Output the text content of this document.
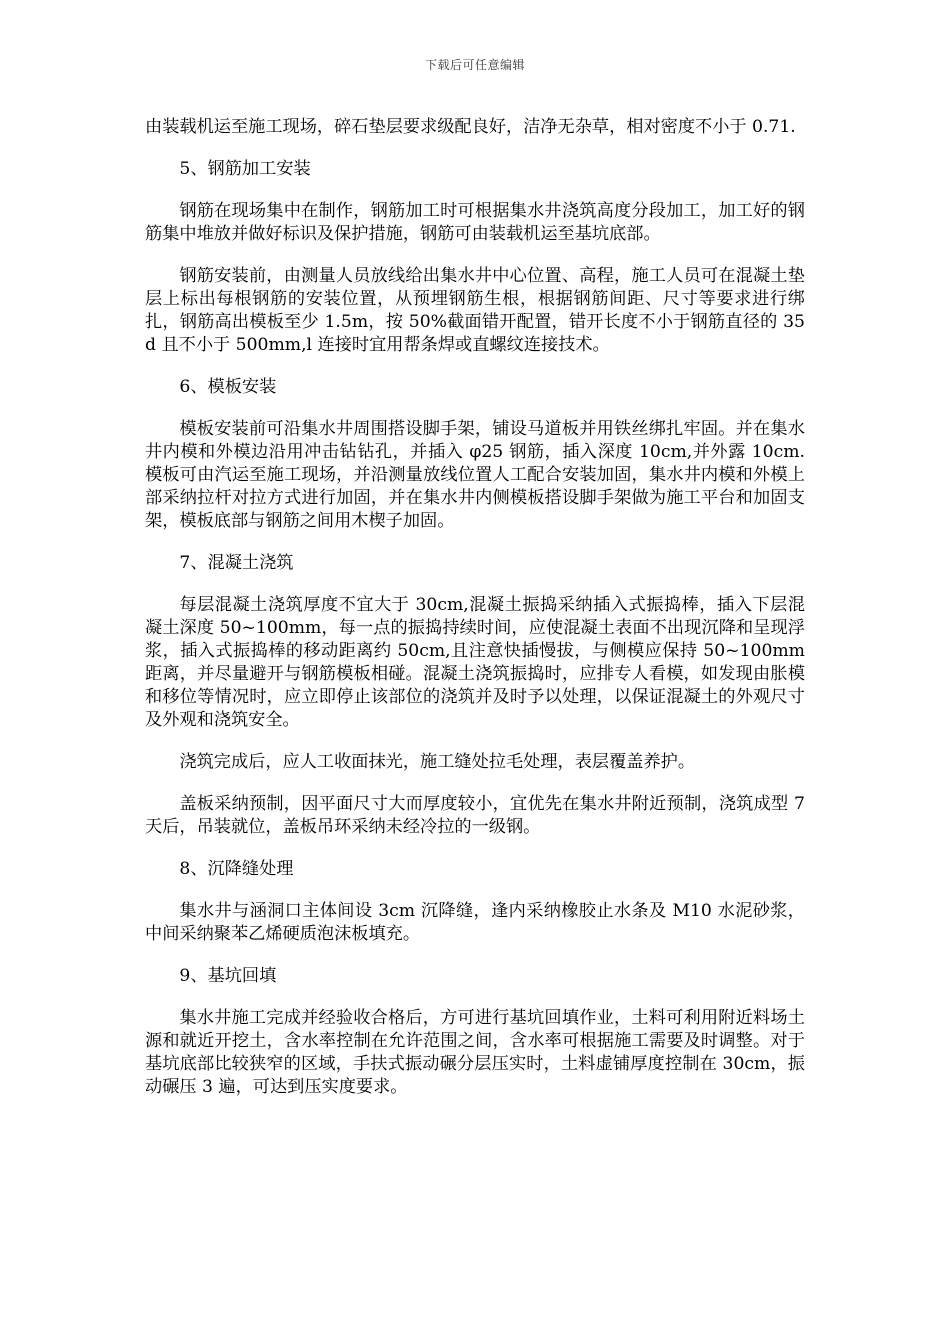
下载后可任意编辑

由装载机运至施工现场，碎石垫层要求级配良好，洁净无杂草，相对密度不小于 0.71.

5、钢筋加工安装

钢筋在现场集中在制作，钢筋加工时可根据集水井浇筑高度分段加工，加工好的钢筋集中堆放并做好标识及保护措施，钢筋可由装载机运至基坑底部。

钢筋安装前，由测量人员放线给出集水井中心位置、高程，施工人员可在混凝土垫层上标出每根钢筋的安装位置，从预埋钢筋生根，根据钢筋间距、尺寸等要求进行绑扎，钢筋高出模板至少 1.5m，按 50%截面错开配置，错开长度不小于钢筋直径的 35d 且不小于 500mm,l 连接时宜用帮条焊或直螺纹连接技术。

6、模板安装

模板安装前可沿集水井周围搭设脚手架，铺设马道板并用铁丝绑扎牢固。并在集水井内模和外模边沿用冲击钻钻孔，并插入 φ25 钢筋，插入深度 10cm,并外露 10cm.模板可由汽运至施工现场，并沿测量放线位置人工配合安装加固，集水井内模和外模上部采纳拉杆对拉方式进行加固，并在集水井内侧模板搭设脚手架做为施工平台和加固支架，模板底部与钢筋之间用木楔子加固。

7、混凝土浇筑

每层混凝土浇筑厚度不宜大于 30cm,混凝土振捣采纳插入式振捣棒，插入下层混凝土深度 50~100mm，每一点的振捣持续时间，应使混凝土表面不出现沉降和呈现浮浆，插入式振捣棒的移动距离约 50cm,且注意快插慢拔，与侧模应保持 50~100mm 距离，并尽量避开与钢筋模板相碰。混凝土浇筑振捣时，应排专人看模，如发现由胀模和移位等情况时，应立即停止该部位的浇筑并及时予以处理，以保证混凝土的外观尺寸及外观和浇筑安全。

浇筑完成后，应人工收面抹光，施工缝处拉毛处理，表层覆盖养护。

盖板采纳预制，因平面尺寸大而厚度较小，宜优先在集水井附近预制，浇筑成型 7 天后，吊装就位，盖板吊环采纳未经冷拉的一级钢。

8、沉降缝处理

集水井与涵洞口主体间设 3cm 沉降缝，逢内采纳橡胶止水条及 M10 水泥砂浆，中间采纳聚苯乙烯硬质泡沫板填充。

9、基坑回填

集水井施工完成并经验收合格后，方可进行基坑回填作业，土料可利用附近料场土源和就近开挖土，含水率控制在允许范围之间，含水率可根据施工需要及时调整。对于基坑底部比较狭窄的区域，手扶式振动碾分层压实时，土料虚铺厚度控制在 30cm，振动碾压 3 遍，可达到压实度要求。
